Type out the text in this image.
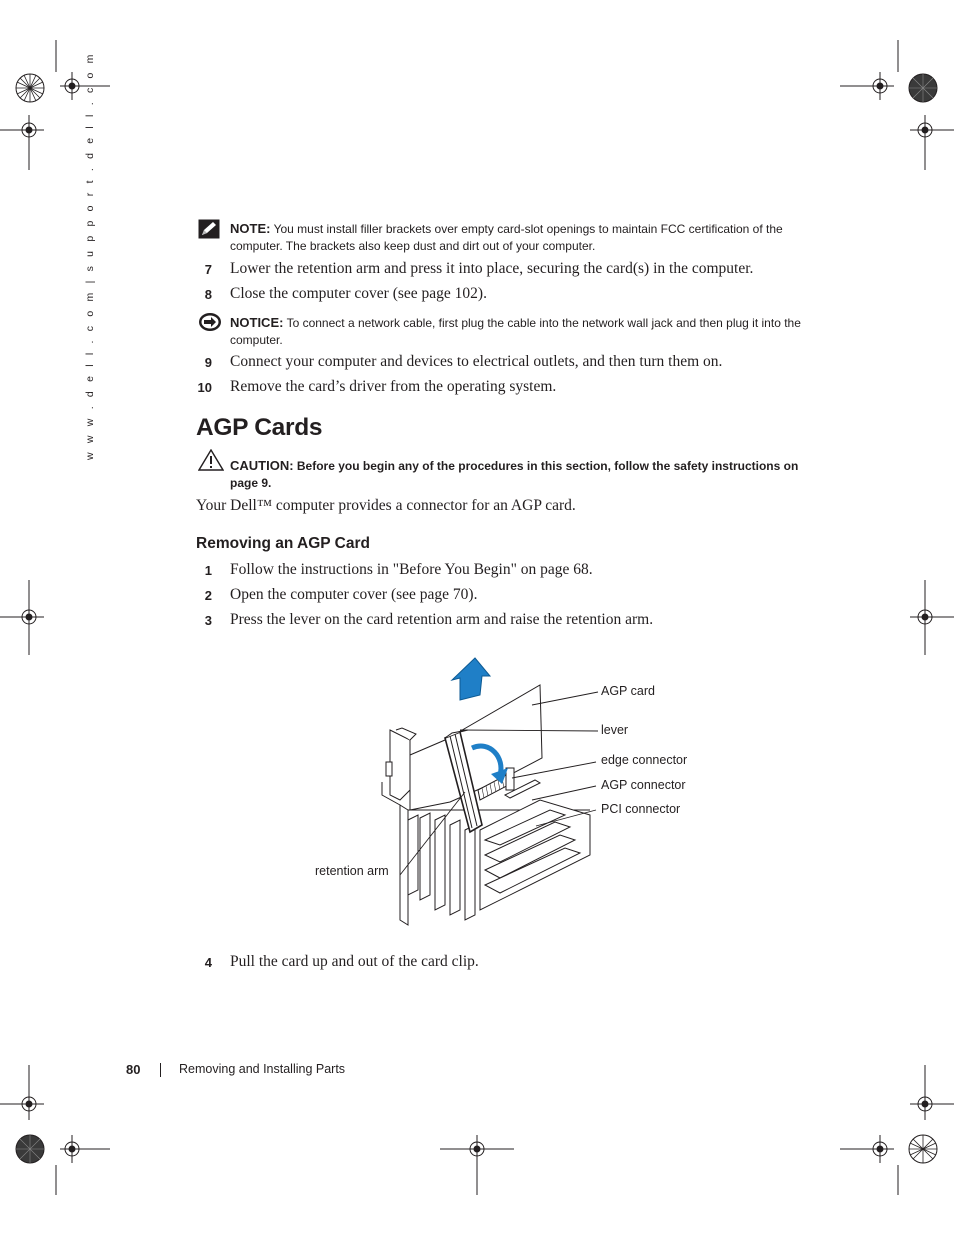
w w w . d e l l . c o m | s u p p o r t . d e l l . c o m	NOTE: You must install filler brackets over empty card-slot openings to maintain FCC certification of the computer. The brackets also keep dust and dirt out of your computer.
7 Lower the retention arm and press it into place, securing the card(s) in the computer.
8 Close the computer cover (see page 102).
NOTICE: To connect a network cable, first plug the cable into the network wall jack and then plug it into the computer.
9 Connect your computer and devices to electrical outlets, and then turn them on.
10 Remove the card’s driver from the operating system.
AGP Cards
CAUTION: Before you begin any of the procedures in this section, follow the safety instructions on page 9.
Your Dell™ computer provides a connector for an AGP card.
Removing an AGP Card
1 Follow the instructions in "Before You Begin" on page 68.
2 Open the computer cover (see page 70).
3 Press the lever on the card retention arm and raise the retention arm.
AGP card
lever
edge connector
AGP connector
PCI connector
retention arm
4 Pull the card up and out of the card clip.
80	Removing and Installing Parts
